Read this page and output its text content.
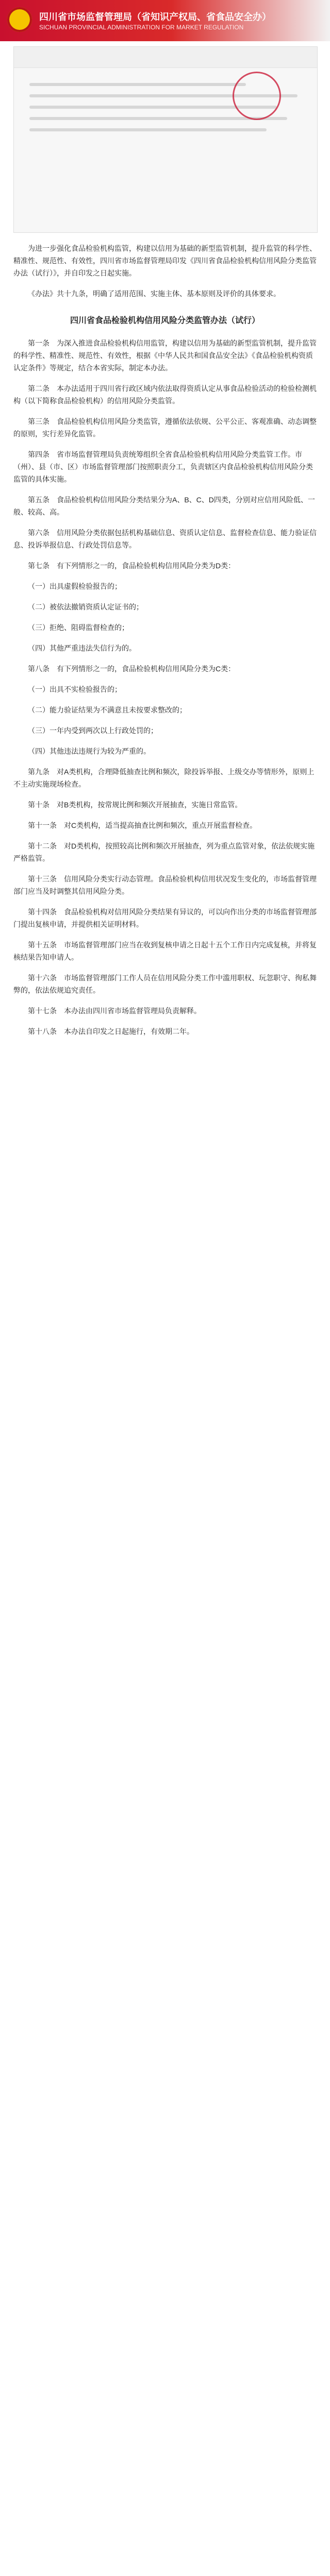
四川省市场监督管理局（省知识产权局、省食品安全办）
SICHUAN PROVINCIAL ADMINISTRATION FOR MARKET REGULATION

为进一步强化食品检验机构监管，构建以信用为基础的新型监管机制，提升监管的科学性、精准性、规范性、有效性，四川省市场监督管理局印发《四川省食品检验机构信用风险分类监管办法（试行）》，并自印发之日起实施。

《办法》共十九条，明确了适用范围、实施主体、基本原则及评价的具体要求。

四川省食品检验机构信用风险分类监管办法（试行）

第一条　为深入推进食品检验机构信用监管，构建以信用为基础的新型监管机制，提升监管的科学性、精准性、规范性、有效性，根据《中华人民共和国食品安全法》《食品检验机构资质认定条件》等规定，结合本省实际，制定本办法。

第二条　本办法适用于四川省行政区域内依法取得资质认定从事食品检验活动的检验检测机构（以下简称食品检验机构）的信用风险分类监管。

第三条　食品检验机构信用风险分类监管，遵循依法依规、公平公正、客观准确、动态调整的原则，实行差异化监管。

第四条　省市场监督管理局负责统筹组织全省食品检验机构信用风险分类监管工作。市（州）、县（市、区）市场监督管理部门按照职责分工，负责辖区内食品检验机构信用风险分类监管的具体实施。

第五条　食品检验机构信用风险分类结果分为A、B、C、D四类，分别对应信用风险低、一般、较高、高。

第六条　信用风险分类依据包括机构基础信息、资质认定信息、监督检查信息、能力验证信息、投诉举报信息、行政处罚信息等。

第七条　有下列情形之一的，食品检验机构信用风险分类为D类：

（一）出具虚假检验报告的；

（二）被依法撤销资质认定证书的；

（三）拒绝、阻碍监督检查的；

（四）其他严重违法失信行为的。

第八条　有下列情形之一的，食品检验机构信用风险分类为C类：

（一）出具不实检验报告的；

（二）能力验证结果为不满意且未按要求整改的；

（三）一年内受到两次以上行政处罚的；

（四）其他违法违规行为较为严重的。

第九条　对A类机构，合理降低抽查比例和频次，除投诉举报、上级交办等情形外，原则上不主动实施现场检查。

第十条　对B类机构，按常规比例和频次开展抽查，实施日常监管。

第十一条　对C类机构，适当提高抽查比例和频次，重点开展监督检查。

第十二条　对D类机构，按照较高比例和频次开展抽查，列为重点监管对象，依法依规实施严格监管。

第十三条　信用风险分类实行动态管理。食品检验机构信用状况发生变化的，市场监督管理部门应当及时调整其信用风险分类。

第十四条　食品检验机构对信用风险分类结果有异议的，可以向作出分类的市场监督管理部门提出复核申请，并提供相关证明材料。

第十五条　市场监督管理部门应当在收到复核申请之日起十五个工作日内完成复核，并将复核结果告知申请人。

第十六条　市场监督管理部门工作人员在信用风险分类工作中滥用职权、玩忽职守、徇私舞弊的，依法依规追究责任。

第十七条　本办法由四川省市场监督管理局负责解释。

第十八条　本办法自印发之日起施行，有效期二年。
